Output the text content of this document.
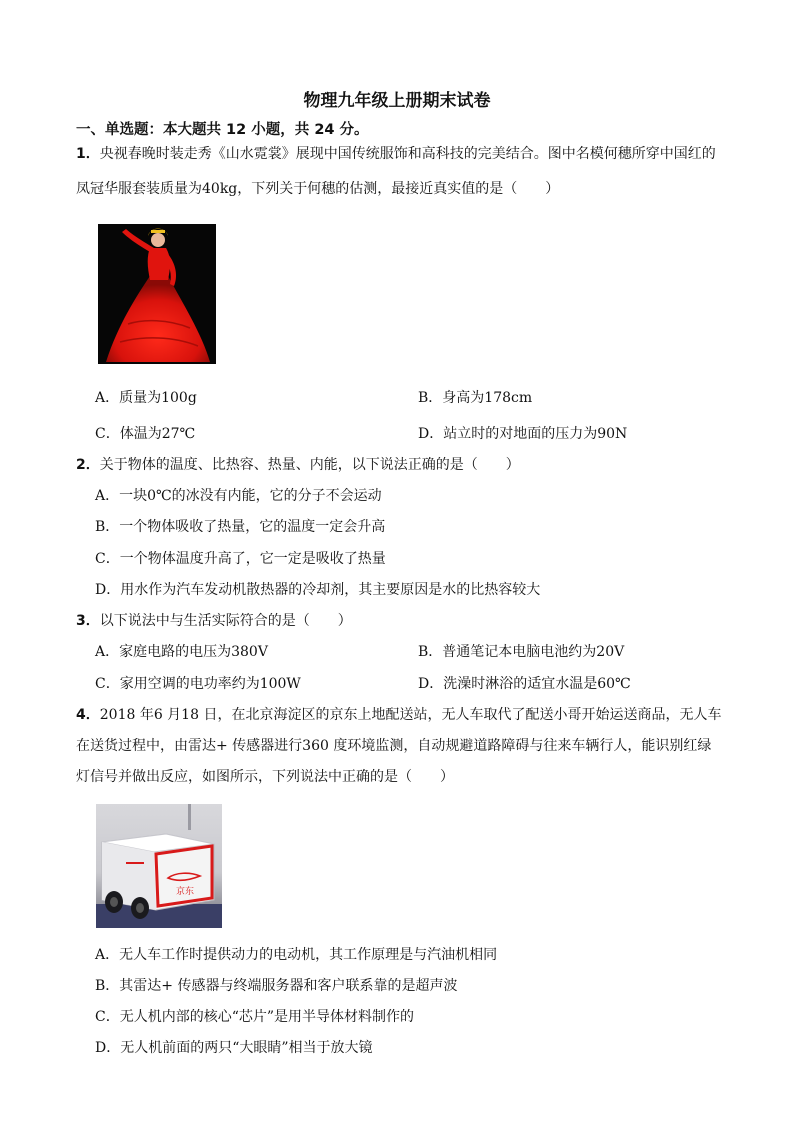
物理九年级上册期末试卷
一、单选题：本大题共 12 小题，共 24 分。
1．央视春晚时装走秀《山水霓裳》展现中国传统服饰和高科技的完美结合。图中名模何穗所穿中国红的
凤冠华服套装质量为40kg，下列关于何穗的估测，最接近真实值的是（　　）
A．质量为100g	B．身高为178cm
C．体温为27℃	D．站立时的对地面的压力为90N
2．关于物体的温度、比热容、热量、内能，以下说法正确的是（　　）
A．一块0℃的冰没有内能，它的分子不会运动
B．一个物体吸收了热量，它的温度一定会升高
C．一个物体温度升高了，它一定是吸收了热量
D．用水作为汽车发动机散热器的冷却剂，其主要原因是水的比热容较大
3．以下说法中与生活实际符合的是（　　）
A．家庭电路的电压为380V	B．普通笔记本电脑电池约为20V
C．家用空调的电功率约为100W	D．洗澡时淋浴的适宜水温是60℃
4．2018 年6 月18 日，在北京海淀区的京东上地配送站，无人车取代了配送小哥开始运送商品，无人车
在送货过程中，由雷达+ 传感器进行360 度环境监测，自动规避道路障碍与往来车辆行人，能识别红绿
灯信号并做出反应，如图所示，下列说法中正确的是（　　）
京东
A．无人车工作时提供动力的电动机，其工作原理是与汽油机相同
B．其雷达+ 传感器与终端服务器和客户联系靠的是超声波
C．无人机内部的核心“芯片”是用半导体材料制作的
D．无人机前面的两只“大眼睛”相当于放大镜
